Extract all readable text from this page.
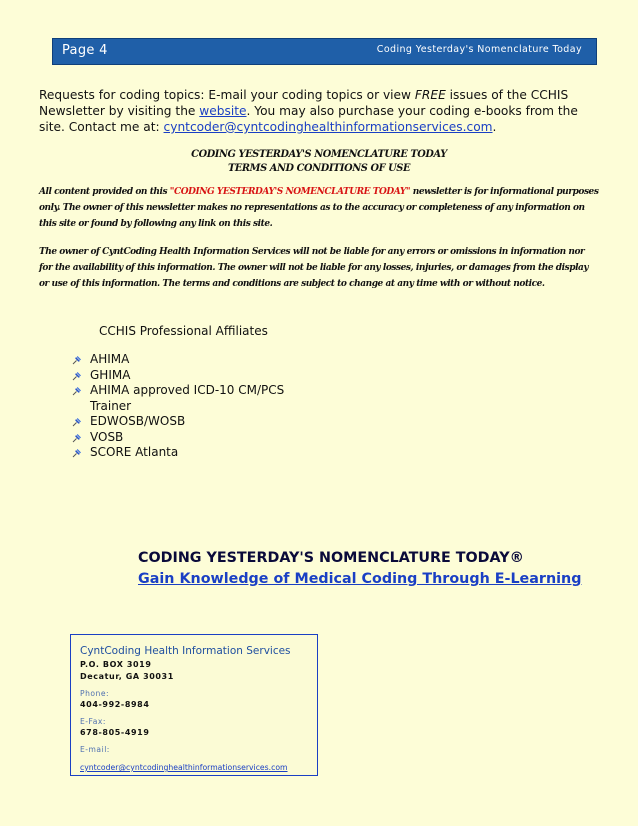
Page 4	Coding Yesterday's Nomenclature Today
Requests for coding topics: E-mail your coding topics or view FREE issues of the CCHIS Newsletter by visiting the website. You may also purchase your coding e-books from the site. Contact me at: cyntcoder@cyntcodinghealthinformationservices.com.
CODING YESTERDAY'S NOMENCLATURE TODAY
TERMS AND CONDITIONS OF USE
All content provided on this "CODING YESTERDAY'S NOMENCLATURE TODAY" newsletter is for informational purposes only. The owner of this newsletter makes no representations as to the accuracy or completeness of any information on this site or found by following any link on this site.
The owner of CyntCoding Health Information Services will not be liable for any errors or omissions in information nor for the availability of this information. The owner will not be liable for any losses, injuries, or damages from the display or use of this information. The terms and conditions are subject to change at any time with or without notice.
CCHIS Professional Affiliates
AHIMA
GHIMA
AHIMA approved ICD-10 CM/PCS Trainer
EDWOSB/WOSB
VOSB
SCORE Atlanta
CODING YESTERDAY'S NOMENCLATURE TODAY®
Gain Knowledge of Medical Coding Through E-Learning
CyntCoding Health Information Services
P.O. BOX 3019
Decatur, GA 30031
Phone:
404-992-8984
E-Fax:
678-805-4919
E-mail:
cyntcoder@cyntcodinghealthinformationservices.com
